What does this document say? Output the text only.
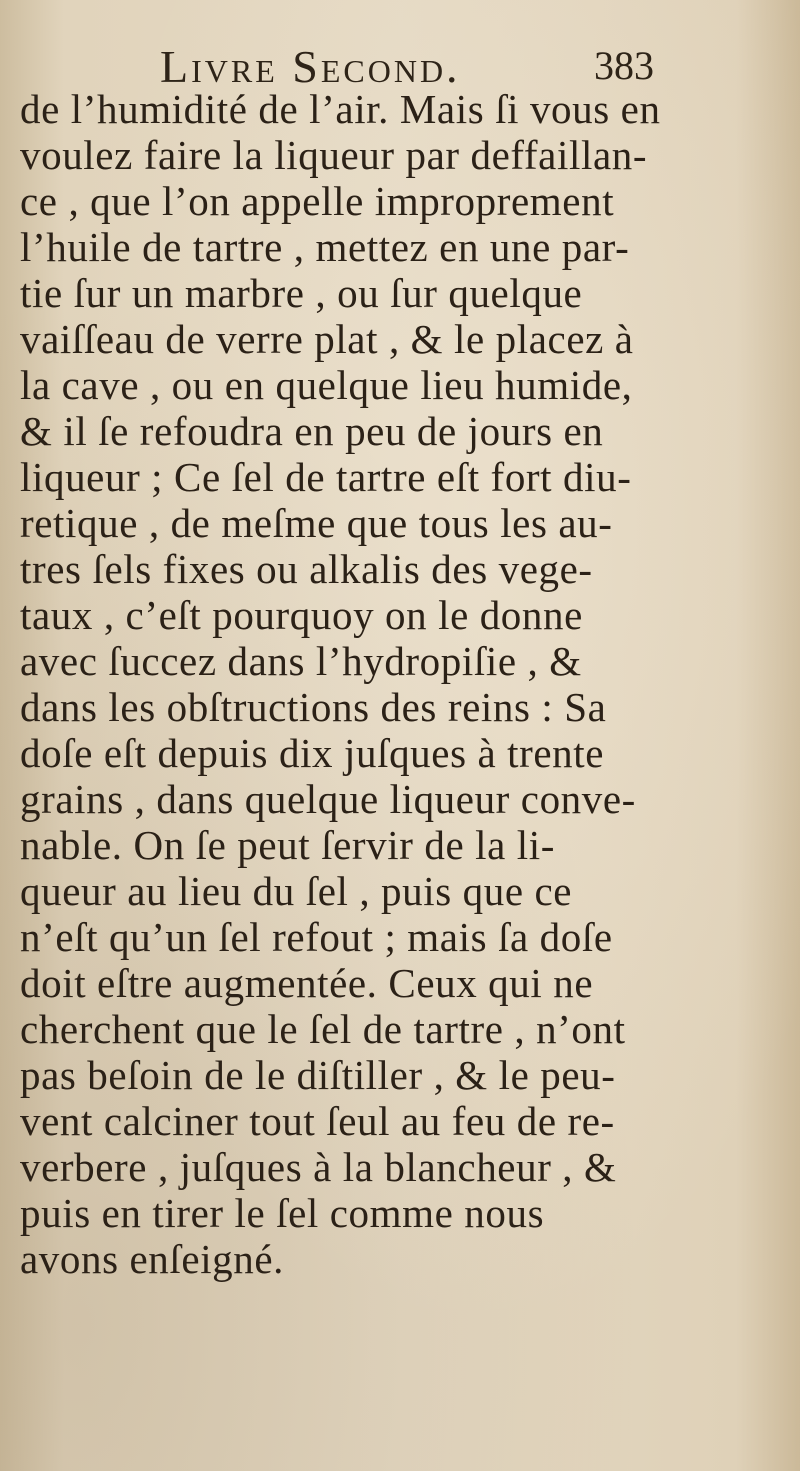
Livre Second.	383
de l’humidité de l’air. Mais ſi vous en
voulez faire la liqueur par deffaillan-
ce , que l’on appelle improprement
l’huile de tartre , mettez en une par-
tie ſur un marbre , ou ſur quelque
vaiſſeau de verre plat , & le placez à
la cave , ou en quelque lieu humide,
& il ſe refoudra en peu de jours en
liqueur ; Ce ſel de tartre eſt fort diu-
retique , de meſme que tous les au-
tres ſels fixes ou alkalis des vege-
taux , c’eſt pourquoy on le donne
avec ſuccez dans l’hydropiſie , &
dans les obſtructions des reins : Sa
doſe eſt depuis dix juſques à trente
grains , dans quelque liqueur conve-
nable. On ſe peut ſervir de la li-
queur au lieu du ſel , puis que ce
n’eſt qu’un ſel refout ; mais ſa doſe
doit eſtre augmentée. Ceux qui ne
cherchent que le ſel de tartre , n’ont
pas beſoin de le diſtiller , & le peu-
vent calciner tout ſeul au feu de re-
verbere , juſques à la blancheur , &
puis en tirer le ſel comme nous
avons enſeigné.
